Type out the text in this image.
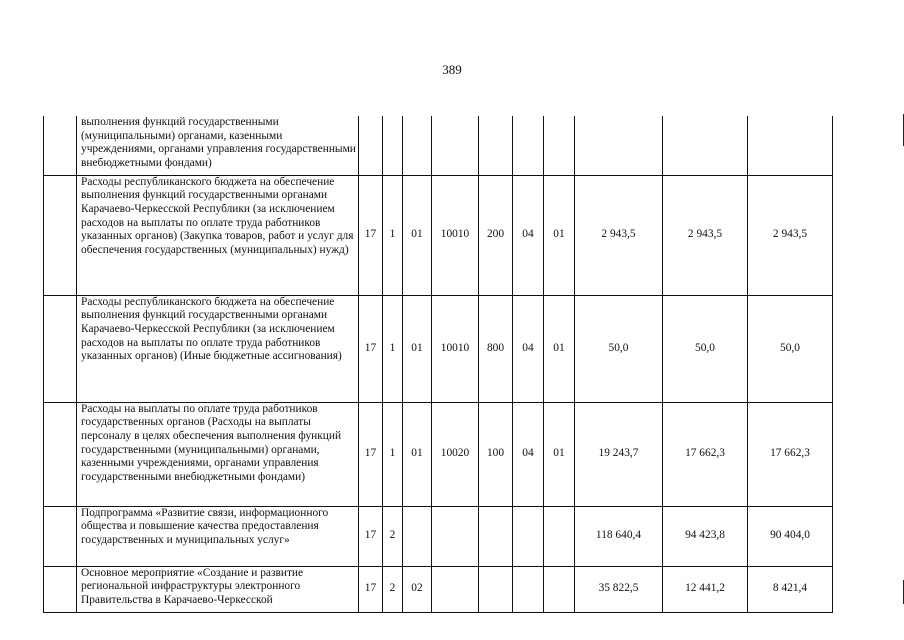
389
	выполнения функций государственными (муниципальными) органами, казенными учреждениями, органами управления государственными внебюджетными фондами)										
	Расходы республиканского бюджета на обеспечение выполнения функций государственными органами Карачаево-Черкесской Республики (за исключением расходов на выплаты по оплате труда работников указанных органов) (Закупка товаров, работ и услуг для обеспечения государственных (муниципальных) нужд)	17	1	01	10010	200	04	01	2 943,5	2 943,5	2 943,5
	Расходы республиканского бюджета на обеспечение выполнения функций государственными органами Карачаево-Черкесской Республики (за исключением расходов на выплаты по оплате труда работников указанных органов) (Иные бюджетные ассигнования)	17	1	01	10010	800	04	01	50,0	50,0	50,0
	Расходы на выплаты по оплате труда работников государственных органов (Расходы на выплаты персоналу в целях обеспечения выполнения функций государственными (муниципальными) органами, казенными учреждениями, органами управления государственными внебюджетными фондами)	17	1	01	10020	100	04	01	19 243,7	17 662,3	17 662,3
	Подпрограмма «Развитие связи, информационного общества и повышение качества предоставления государственных и муниципальных услуг»	17	2						118 640,4	94 423,8	90 404,0
	Основное мероприятие «Создание и развитие региональной инфраструктуры электронного Правительства в Карачаево-Черкесской	17	2	02					35 822,5	12 441,2	8 421,4
